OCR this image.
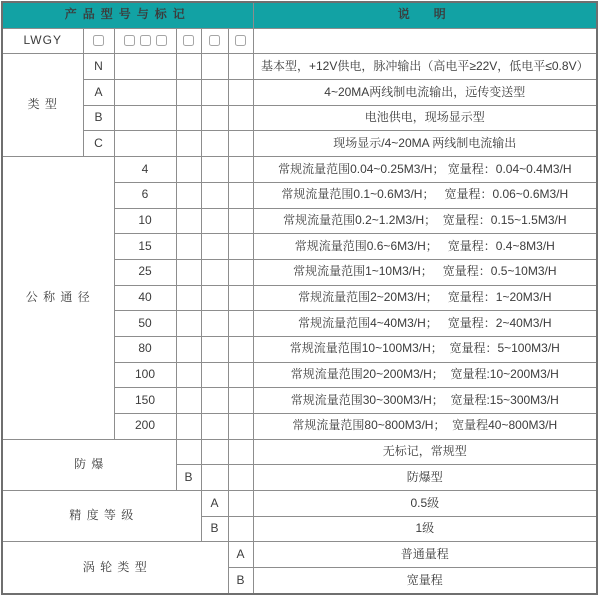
产品型号与标记						说　明
LWGY						
类 型	N					基本型，+12V供电，脉冲输出（高电平≥22V，低电平≤0.8V）
	A					4~20MA两线制电流输出，远传变送型
	B					电池供电，现场显示型
	C					现场显示/4~20MA 两线制电流输出
公 称 通 径		4				常规流量范围0.04~0.25M3/H； 宽量程：0.04~0.4M3/H
		6				常规流量范围0.1~0.6M3/H；   宽量程：0.06~0.6M3/H
		10				常规流量范围0.2~1.2M3/H；  宽量程：0.15~1.5M3/H
		15				常规流量范围0.6~6M3/H；   宽量程：0.4~8M3/H
		25				常规流量范围1~10M3/H；   宽量程：0.5~10M3/H
		40				常规流量范围2~20M3/H；   宽量程：1~20M3/H
		50				常规流量范围4~40M3/H；   宽量程：2~40M3/H
		80				常规流量范围10~100M3/H；  宽量程：5~100M3/H
		100				常规流量范围20~200M3/H；  宽量程:10~200M3/H
		150				常规流量范围30~300M3/H；  宽量程:15~300M3/H
		200				常规流量范围80~800M3/H；  宽量程40~800M3/H
防 爆						无标记，常规型
			B			防爆型
精 度 等 级				A		0.5级
				B		1级
涡 轮 类 型					A	普通量程
					B	宽量程
